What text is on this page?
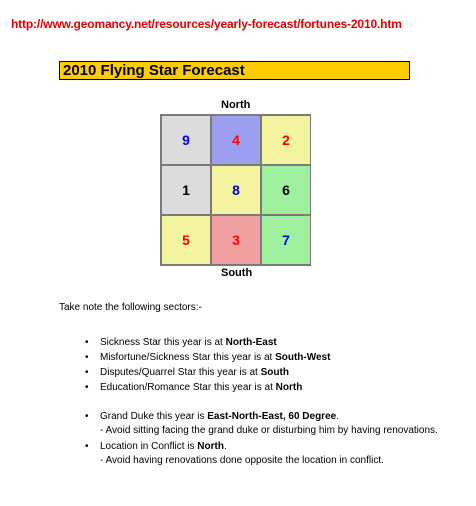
http://www.geomancy.net/resources/yearly-forecast/fortunes-2010.htm
2010 Flying Star Forecast
North
9	4	2
1	8	6
5	3	7
South
Take note the following sectors:-
• Sickness Star this year is at North-East
• Misfortune/Sickness Star this year is at South-West
• Disputes/Quarrel Star this year is at South
• Education/Romance Star this year is at North
• Grand Duke this year is East-North-East, 60 Degree.
- Avoid sitting facing the grand duke or disturbing him by having renovations.
• Location in Conflict is North.
- Avoid having renovations done opposite the location in conflict.
